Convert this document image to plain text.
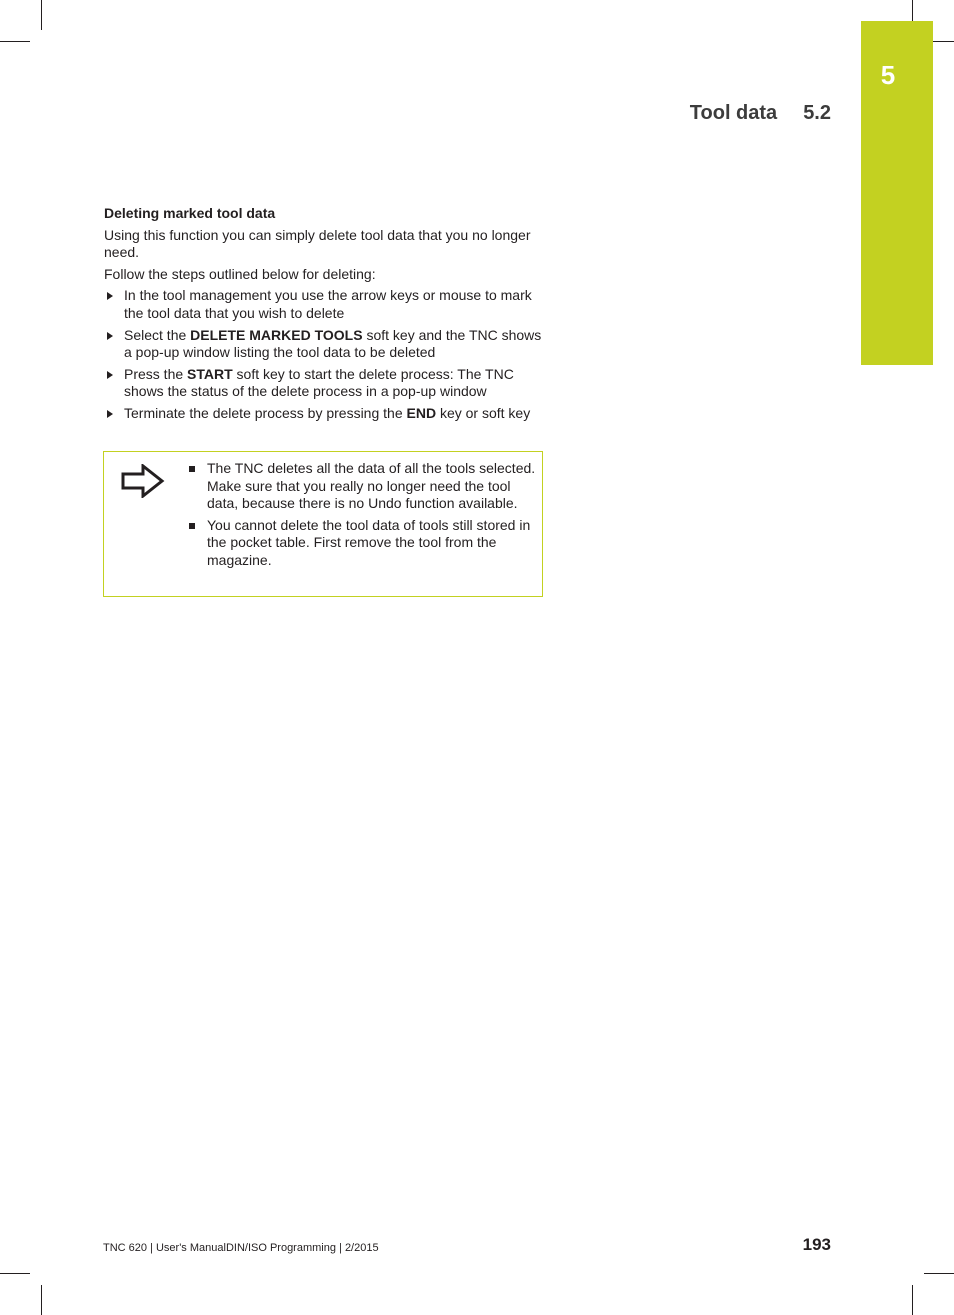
5
Tool data 5.2
Deleting marked tool data

Using this function you can simply delete tool data that you no longer need.

Follow the steps outlined below for deleting:

In the tool management you use the arrow keys or mouse to mark the tool data that you wish to delete
Select the DELETE MARKED TOOLS soft key and the TNC shows a pop-up window listing the tool data to be deleted
Press the START soft key to start the delete process: The TNC shows the status of the delete process in a pop-up window
Terminate the delete process by pressing the END key or soft key
The TNC deletes all the data of all the tools selected. Make sure that you really no longer need the tool data, because there is no Undo function available.
You cannot delete the tool data of tools still stored in the pocket table. First remove the tool from the magazine.
TNC 620 | User's ManualDIN/ISO Programming | 2/2015	193
